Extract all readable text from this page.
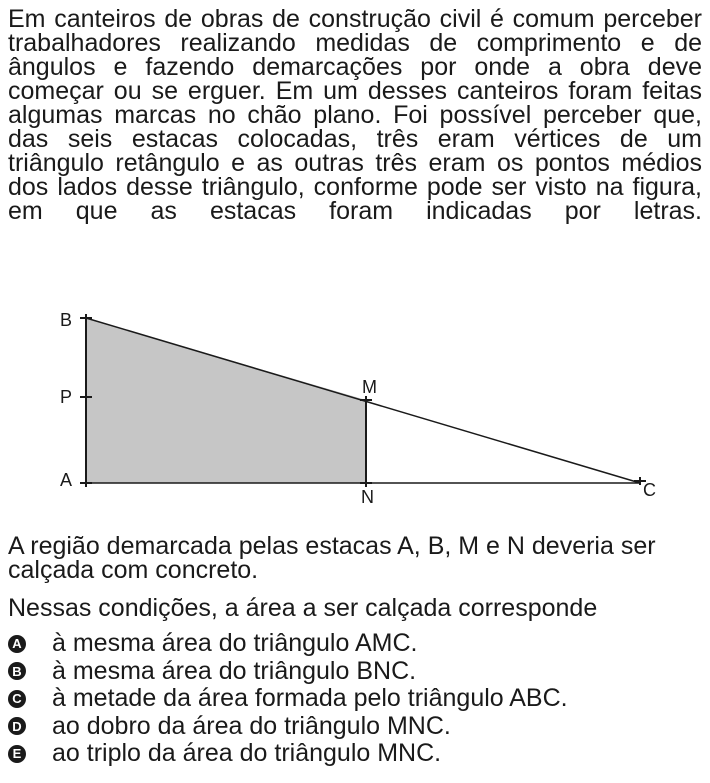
Em canteiros de obras de construção civil é comum perceber trabalhadores realizando medidas de comprimento e de ângulos e fazendo demarcações por onde a obra deve começar ou se erguer. Em um desses canteiros foram feitas algumas marcas no chão plano. Foi possível perceber que, das seis estacas colocadas, três eram vértices de um triângulo retângulo e as outras três eram os pontos médios dos lados desse triângulo, conforme pode ser visto na figura, em que as estacas foram indicadas por letras.

B
P
A
M
N	C

A região demarcada pelas estacas A, B, M e N deveria ser calçada com concreto.

Nessas condições, a área a ser calçada corresponde

A à mesma área do triângulo AMC.
B à mesma área do triângulo BNC.
C à metade da área formada pelo triângulo ABC.
D ao dobro da área do triângulo MNC.
E ao triplo da área do triângulo MNC.
